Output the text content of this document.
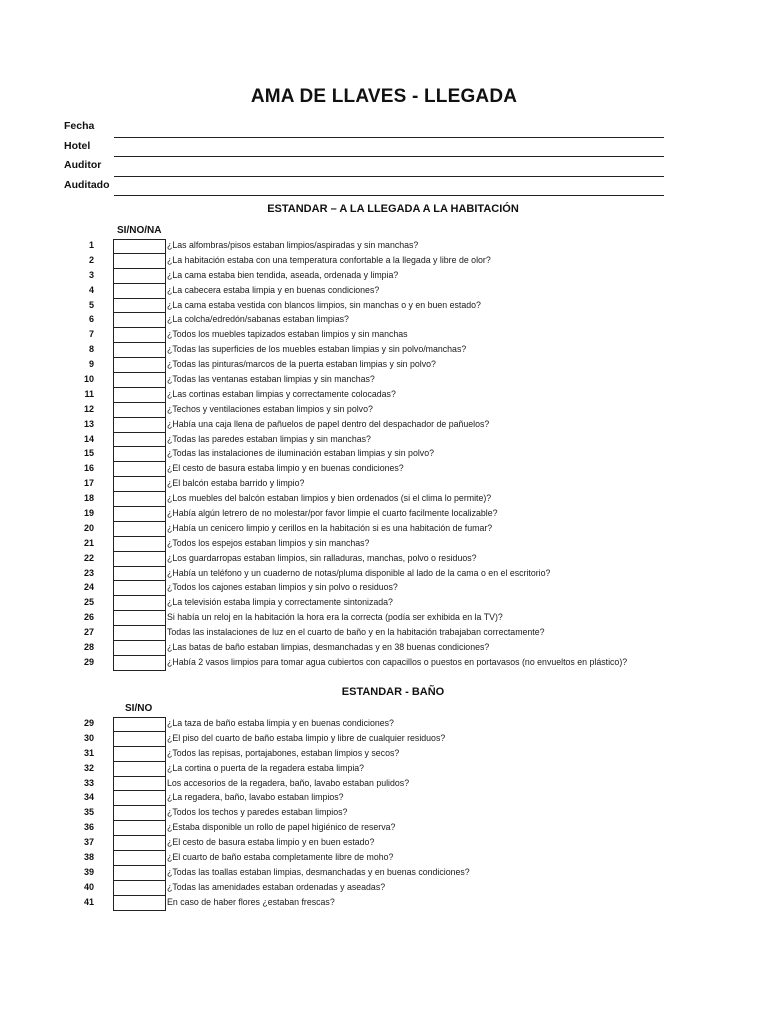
AMA DE LLAVES - LLEGADA
Fecha
Hotel
Auditor
Auditado
ESTANDAR – A LA LLEGADA A LA HABITACIÓN
SI/NO/NA
1	¿Las alfombras/pisos estaban limpios/aspiradas y sin manchas?
2	¿La habitación estaba con una temperatura confortable a la llegada y libre de olor?
3	¿La cama estaba bien tendida, aseada, ordenada y limpia?
4	¿La cabecera estaba limpia y en buenas condiciones?
5	¿La cama estaba vestida con blancos limpios, sin manchas o y en buen estado?
6	¿La colcha/edredón/sabanas estaban limpias?
7	¿Todos los muebles tapizados estaban limpios y sin manchas
8	¿Todas las superficies de los muebles estaban limpias y sin polvo/manchas?
9	¿Todas las pinturas/marcos de la puerta estaban limpias y sin polvo?
10	¿Todas las ventanas estaban limpias y sin manchas?
11	¿Las cortinas estaban limpias y correctamente colocadas?
12	¿Techos y ventilaciones estaban limpios y sin polvo?
13	¿Había una caja llena de pañuelos de papel dentro del despachador de pañuelos?
14	¿Todas las paredes estaban limpias y sin manchas?
15	¿Todas las instalaciones de iluminación estaban limpias y sin polvo?
16	¿El cesto de basura estaba limpio y en buenas condiciones?
17	¿El balcón estaba barrido y limpio?
18	¿Los muebles del balcón estaban limpios y bien ordenados (si el clima lo permite)?
19	¿Había algún letrero de no molestar/por favor limpie el cuarto facilmente localizable?
20	¿Había un cenicero limpio y cerillos en la habitación si es una habitación de fumar?
21	¿Todos los espejos estaban limpios y sin manchas?
22	¿Los guardarropas estaban limpios, sin ralladuras, manchas, polvo o residuos?
23	¿Había un teléfono y un cuaderno de notas/pluma disponible al lado de la cama o en el escritorio?
24	¿Todos los cajones estaban limpios y sin polvo o residuos?
25	¿La televisión estaba limpia y correctamente sintonizada?
26	Si había un reloj en la habitación la hora era la correcta (podía ser exhibida en la TV)?
27	Todas las instalaciones de luz en el cuarto de baño y en la habitación trabajaban correctamente?
28	¿Las batas de baño estaban limpias, desmanchadas y en 38 buenas condiciones?
29	¿Había 2 vasos limpios para tomar agua cubiertos con capacillos o puestos en portavasos (no envueltos en plástico)?
ESTANDAR - BAÑO
SI/NO
29	¿La taza de baño estaba limpia y en buenas condiciones?
30	¿El piso del cuarto de baño estaba limpio y libre de cualquier residuos?
31	¿Todos las repisas, portajabones, estaban limpios y secos?
32	¿La cortina o puerta de la regadera estaba limpia?
33	Los accesorios de la regadera, baño, lavabo estaban pulidos?
34	¿La regadera, baño, lavabo estaban limpios?
35	¿Todos los techos y paredes estaban limpios?
36	¿Estaba disponible un rollo de papel higiénico de reserva?
37	¿El cesto de basura estaba limpio y en buen estado?
38	¿El cuarto de baño estaba completamente libre de moho?
39	¿Todas las toallas estaban limpias, desmanchadas y en buenas condiciones?
40	¿Todas las amenidades estaban ordenadas y aseadas?
41	En caso de haber flores ¿estaban frescas?
